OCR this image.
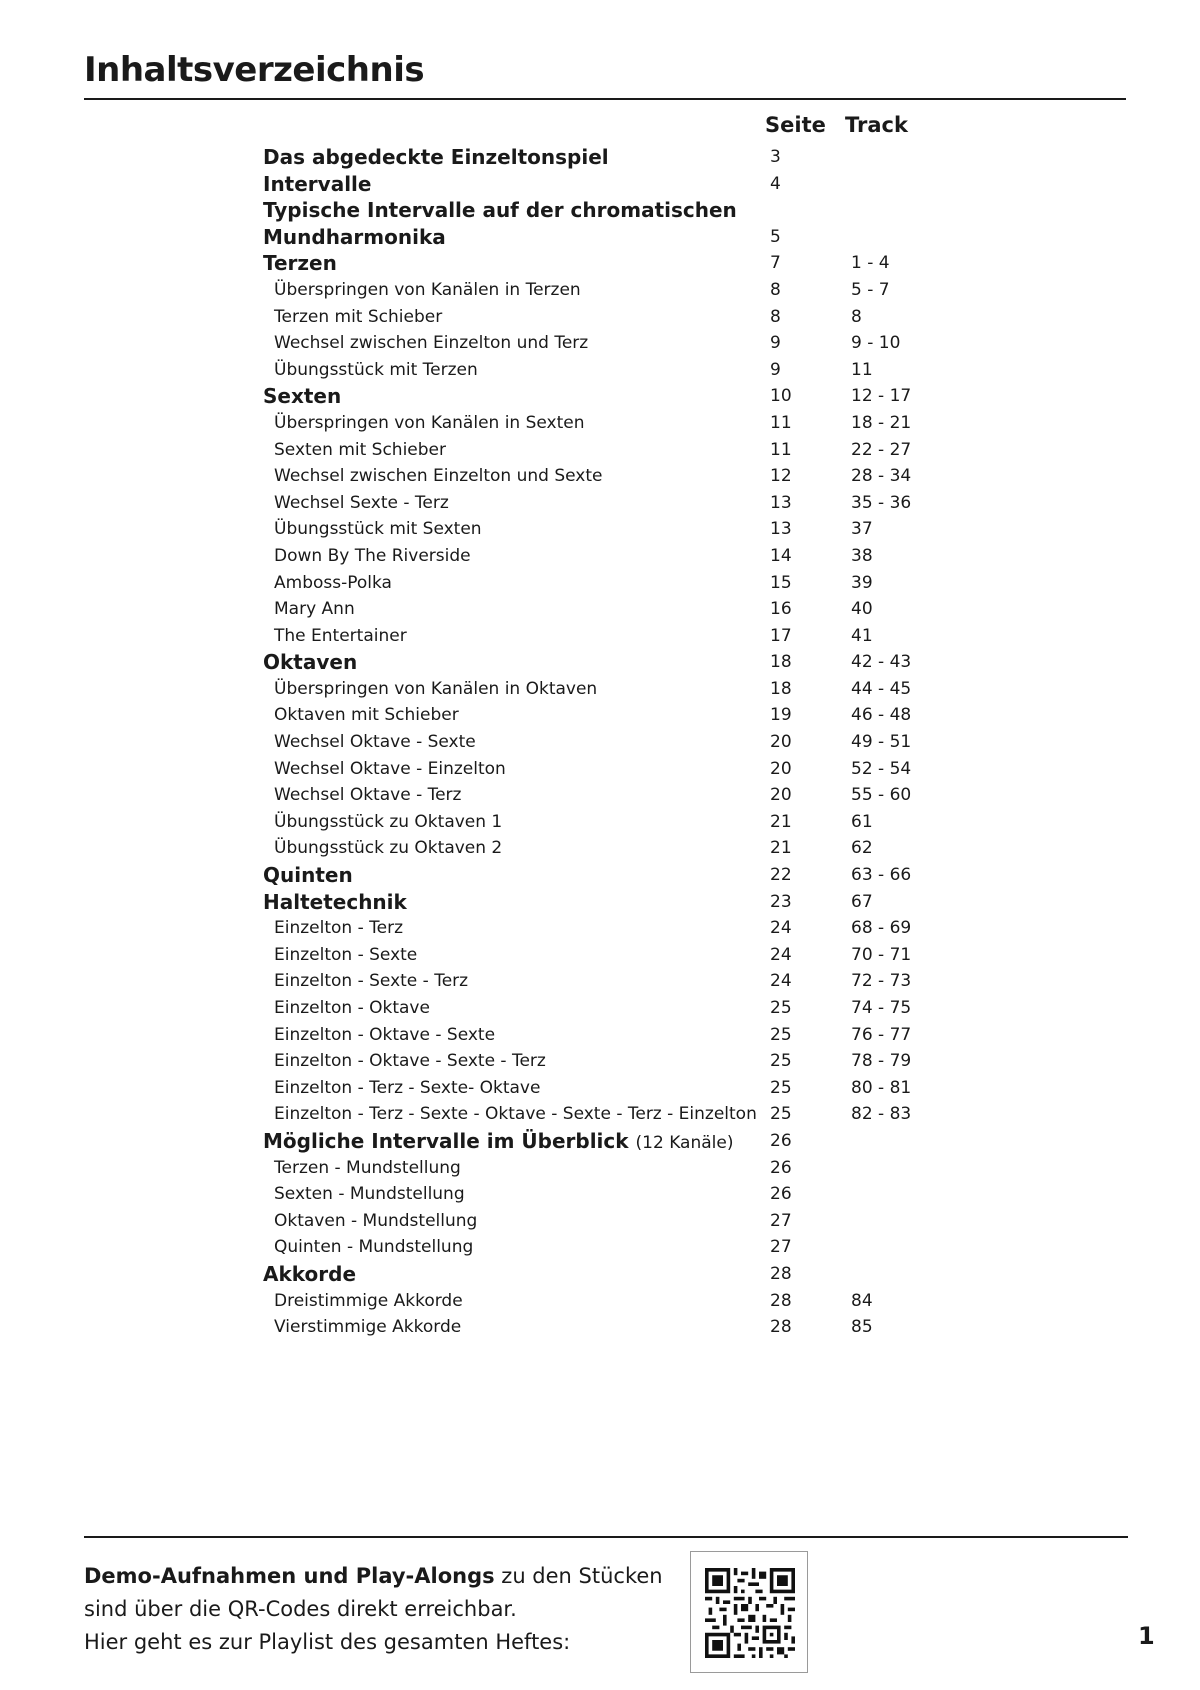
Inhaltsverzeichnis
Seite Track
Das abgedeckte Einzeltonspiel	3
Intervalle	4
Typische Intervalle auf der chromatischen
Mundharmonika	5
Terzen	7	1 - 4
Überspringen von Kanälen in Terzen	8	5 - 7
Terzen mit Schieber	8	8
Wechsel zwischen Einzelton und Terz	9	9 - 10
Übungsstück mit Terzen	9	11
Sexten	10	12 - 17
Überspringen von Kanälen in Sexten	11	18 - 21
Sexten mit Schieber	11	22 - 27
Wechsel zwischen Einzelton und Sexte	12	28 - 34
Wechsel Sexte - Terz	13	35 - 36
Übungsstück mit Sexten	13	37
Down By The Riverside	14	38
Amboss-Polka	15	39
Mary Ann	16	40
The Entertainer	17	41
Oktaven	18	42 - 43
Überspringen von Kanälen in Oktaven	18	44 - 45
Oktaven mit Schieber	19	46 - 48
Wechsel Oktave - Sexte	20	49 - 51
Wechsel Oktave - Einzelton	20	52 - 54
Wechsel Oktave - Terz	20	55 - 60
Übungsstück zu Oktaven 1	21	61
Übungsstück zu Oktaven 2	21	62
Quinten	22	63 - 66
Haltetechnik	23	67
Einzelton - Terz	24	68 - 69
Einzelton - Sexte	24	70 - 71
Einzelton - Sexte - Terz	24	72 - 73
Einzelton - Oktave	25	74 - 75
Einzelton - Oktave - Sexte	25	76 - 77
Einzelton - Oktave - Sexte - Terz	25	78 - 79
Einzelton - Terz - Sexte- Oktave	25	80 - 81
Einzelton - Terz - Sexte - Oktave - Sexte - Terz - Einzelton 25	82 - 83
Mögliche Intervalle im Überblick (12 Kanäle) 26
Terzen - Mundstellung	26
Sexten - Mundstellung	26
Oktaven - Mundstellung	27
Quinten - Mundstellung	27
Akkorde	28
Dreistimmige Akkorde	28	84
Vierstimmige Akkorde	28	85
Demo-Aufnahmen und Play-Alongs zu den Stücken
sind über die QR-Codes direkt erreichbar.
Hier geht es zur Playlist des gesamten Heftes:	1
